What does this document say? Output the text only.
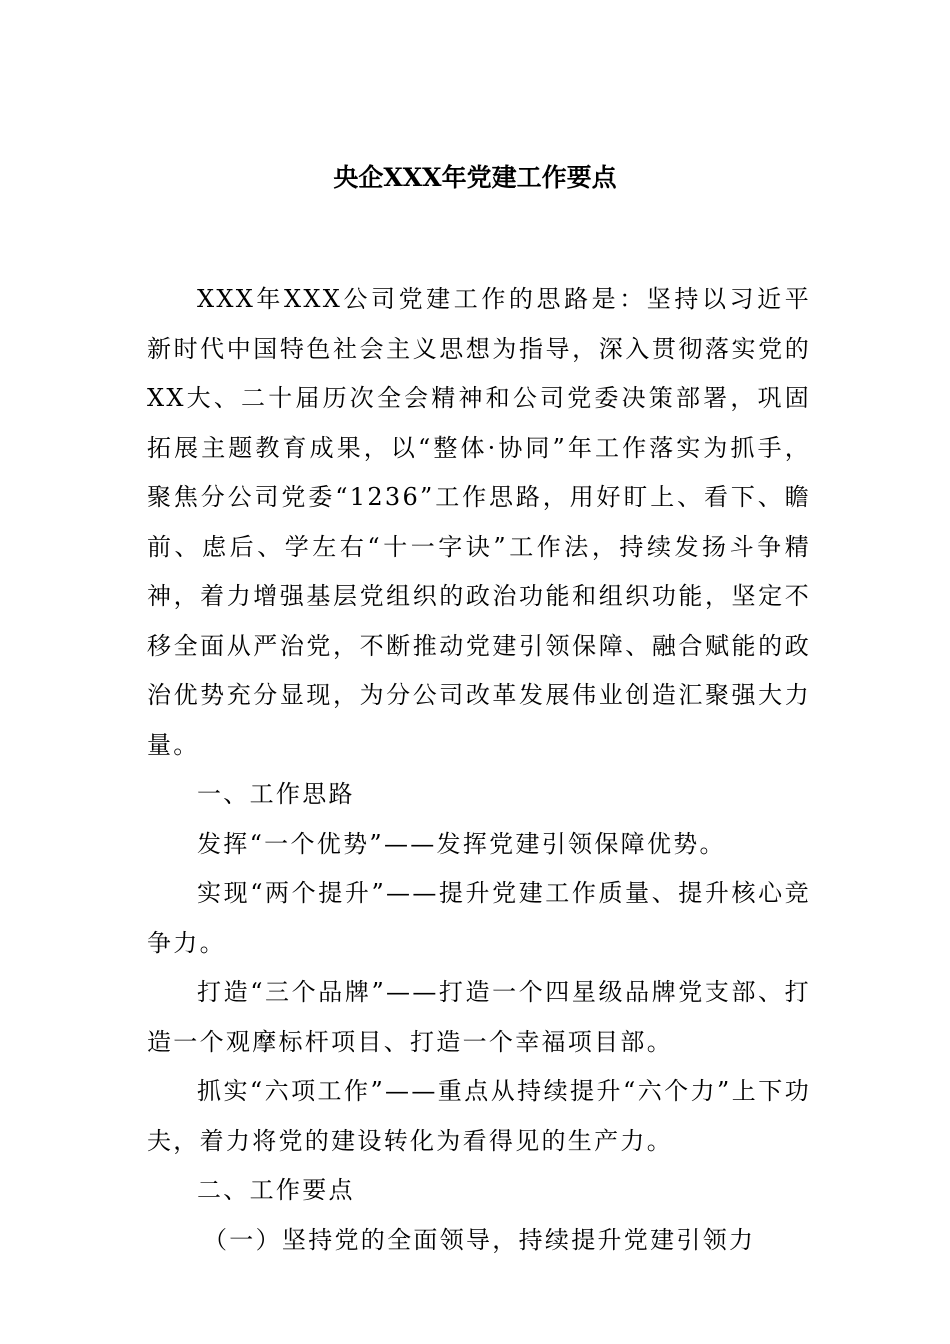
央企XXX年党建工作要点

XXX年XXX公司党建工作的思路是：坚持以习近平新时代中国特色社会主义思想为指导，深入贯彻落实党的XX大、二十届历次全会精神和公司党委决策部署，巩固拓展主题教育成果，以“整体·协同”年工作落实为抓手，聚焦分公司党委“1236”工作思路，用好盯上、看下、瞻前、虑后、学左右“十一字诀”工作法，持续发扬斗争精神，着力增强基层党组织的政治功能和组织功能，坚定不移全面从严治党，不断推动党建引领保障、融合赋能的政治优势充分显现，为分公司改革发展伟业创造汇聚强大力量。

一、工作思路

发挥“一个优势”——发挥党建引领保障优势。

实现“两个提升”——提升党建工作质量、提升核心竞争力。

打造“三个品牌”——打造一个四星级品牌党支部、打造一个观摩标杆项目、打造一个幸福项目部。

抓实“六项工作”——重点从持续提升“六个力”上下功夫，着力将党的建设转化为看得见的生产力。

二、工作要点

（一）坚持党的全面领导，持续提升党建引领力
